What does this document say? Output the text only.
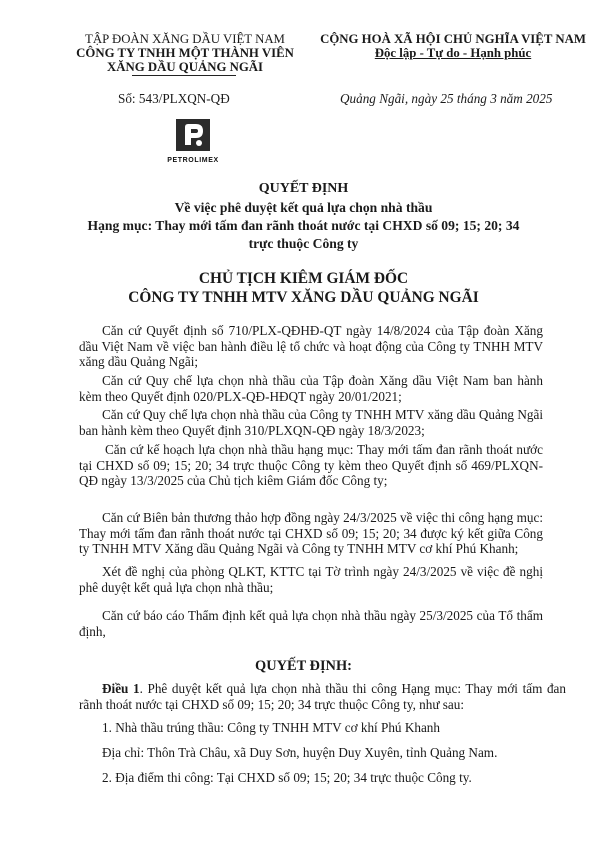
TẬP ĐOÀN XĂNG DẦU VIỆT NAM
CÔNG TY TNHH MỘT THÀNH VIÊN
XĂNG DẦU QUẢNG NGÃI
Số: 543/PLXQN-QĐ
CỘNG HOÀ XÃ HỘI CHỦ NGHĨA VIỆT NAM
Độc lập - Tự do - Hạnh phúc
Quảng Ngãi, ngày 25 tháng 3 năm 2025
PETROLIMEX
QUYẾT ĐỊNH
Về việc phê duyệt kết quả lựa chọn nhà thầu
Hạng mục: Thay mới tấm đan rãnh thoát nước tại CHXD số 09; 15; 20; 34
trực thuộc Công ty
CHỦ TỊCH KIÊM GIÁM ĐỐC
CÔNG TY TNHH MTV XĂNG DẦU QUẢNG NGÃI
Căn cứ Quyết định số 710/PLX-QĐHĐ-QT ngày 14/8/2024 của Tập đoàn Xăng dầu Việt Nam về việc ban hành điều lệ tổ chức và hoạt động của Công ty TNHH MTV xăng dầu Quảng Ngãi;
Căn cứ Quy chế lựa chọn nhà thầu của Tập đoàn Xăng dầu Việt Nam ban hành kèm theo Quyết định 020/PLX-QĐ-HĐQT ngày 20/01/2021;
Căn cứ Quy chế lựa chọn nhà thầu của Công ty TNHH MTV xăng dầu Quảng Ngãi ban hành kèm theo Quyết định 310/PLXQN-QĐ ngày 18/3/2023;
Căn cứ kế hoạch lựa chọn nhà thầu hạng mục: Thay mới tấm đan rãnh thoát nước tại CHXD số 09; 15; 20; 34 trực thuộc Công ty kèm theo Quyết định số 469/PLXQN-QĐ ngày 13/3/2025 của Chủ tịch kiêm Giám đốc Công ty;
Căn cứ Biên bản thương thảo hợp đồng ngày 24/3/2025 về việc thi công hạng mục: Thay mới tấm đan rãnh thoát nước tại CHXD số 09; 15; 20; 34 được ký kết giữa Công ty TNHH MTV Xăng dầu Quảng Ngãi và Công ty TNHH MTV cơ khí Phú Khanh;
Xét đề nghị của phòng QLKT, KTTC tại Tờ trình ngày 24/3/2025 về việc đề nghị phê duyệt kết quả lựa chọn nhà thầu;
Căn cứ báo cáo Thẩm định kết quả lựa chọn nhà thầu ngày 25/3/2025 của Tổ thẩm định,
QUYẾT ĐỊNH:
Điều 1. Phê duyệt kết quả lựa chọn nhà thầu thi công Hạng mục: Thay mới tấm đan rãnh thoát nước tại CHXD số 09; 15; 20; 34 trực thuộc Công ty, như sau:
1. Nhà thầu trúng thầu: Công ty TNHH MTV cơ khí Phú Khanh
Địa chỉ: Thôn Trà Châu, xã Duy Sơn, huyện Duy Xuyên, tỉnh Quảng Nam.
2. Địa điểm thi công: Tại CHXD số 09; 15; 20; 34 trực thuộc Công ty.
